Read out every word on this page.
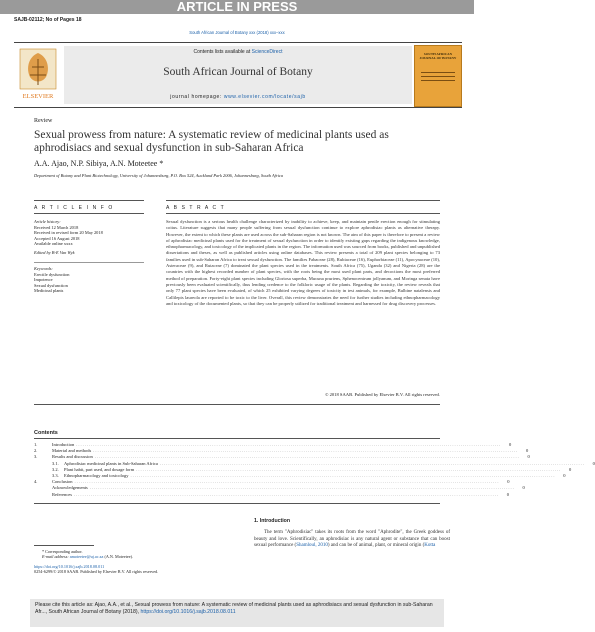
ARTICLE IN PRESS
SAJB-02112; No of Pages 18
South African Journal of Botany xxx (2018) xxx–xxx
ELSEVIER
Contents lists available at ScienceDirect
South African Journal of Botany
journal homepage: www.elsevier.com/locate/sajb
SOUTH AFRICAN JOURNAL OF BOTANY
Review
Sexual prowess from nature: A systematic review of medicinal plants used as aphrodisiacs and sexual dysfunction in sub-Saharan Africa
A.A. Ajao, N.P. Sibiya, A.N. Moteetee *
Department of Botany and Plant Biotechnology, University of Johannesburg, P.O. Box 524, Auckland Park 2006, Johannesburg, South Africa
A R T I C L E I N F O	A B S T R A C T
Article history:
Received 12 March 2018
Received in revised form 20 May 2018
Accepted 16 August 2018
Available online xxxx
Edited by B-E Van Wyk
Keywords:
Erectile dysfunction
Impotence
Sexual dysfunction
Medicinal plants
Sexual dysfunction is a serious health challenge characterized by inability to achieve, keep, and maintain penile erection enough for stimulating coitus. Literature suggests that many people suffering from sexual dysfunction continue to explore aphrodisiac plants as alternative therapy. However, the extent to which these plants are used across the sub-Saharan region is not known. The aim of this paper is therefore to present a review of aphrodisiac medicinal plants used for the treatment of sexual dysfunction in order to identify existing gaps regarding the indigenous knowledge, ethnopharmacology, and toxicology of the implicated plants in the region. The information used was sourced from books, published and unpublished dissertations and theses, as well as published articles using online databases. This review presents a total of 209 plant species belonging to 73 families used in sub-Saharan Africa to treat sexual dysfunction. The families Fabaceae (28), Rubiaceae (16), Euphorbiaceae (11), Apocynaceae (10), Asteraceae (9), and Rutaceae (7) dominated the plant species used in the treatments. South Africa (75), Uganda (32) and Nigeria (28) are the countries with the highest recorded number of plant species, with the roots being the most used plant parts, and decoctions the most preferred method of preparation. Forty-eight plant species including Gloriosa superba, Mucuna pruriens, Sphenocentrum jollyanum, and Moringa senata have previously been evaluated scientifically, thus lending credence to the folkloric usage of the plants. Regarding the toxicity, the review reveals that only 77 plant species have been evaluated, of which 25 exhibited varying degrees of toxicity in test animals, for example, Bulbine natalensis and Callilepis laureola are reported to be toxic to the liver. Overall, this review demonstrates the need for further studies including ethnopharmacology and toxicology of the documented plants, so that they can be properly utilized for traditional treatment and harnessed for drug discovery processes.
© 2018 SAAB. Published by Elsevier B.V. All rights reserved.
Contents
1.	Introduction ........................................................................................................................................................................................................	0
2.	Material and methods ........................................................................................................................................................................................................	0
3.	Results and discussion ........................................................................................................................................................................................................	0
3.1.	Aphrodisiac medicinal plants in Sub-Saharan Africa ........................................................................................................................................................................................................	0
3.2.	Plant habit, part used, and dosage form ........................................................................................................................................................................................................	0
3.3.	Ethnopharmacology and toxicology ........................................................................................................................................................................................................	0
4.	Conclusion ........................................................................................................................................................................................................	0
Acknowledgements ........................................................................................................................................................................................................	0
References ........................................................................................................................................................................................................	0
1. Introduction
The term "Aphrodisiac" takes its roots from the word "Aphrodite", the Greek goddess of beauty and love. Scientifically, an aphrodisiac is any natural agent or substance that can boost sexual performance (Shamloul, 2010) and can be of animal, plant, or mineral origin (Kotta
* Corresponding author.
E-mail address: amoteetee@uj.ac.za (A.N. Moteetee).
https://doi.org/10.1016/j.sajb.2018.08.011
0254-6299/© 2018 SAAB. Published by Elsevier B.V. All rights reserved.
Please cite this article as: Ajao, A.A., et al., Sexual prowess from nature: A systematic review of medicinal plants used as aphrodisiacs and sexual dysfunction in sub-Saharan Afr..., South African Journal of Botany (2018), https://doi.org/10.1016/j.sajb.2018.08.011
